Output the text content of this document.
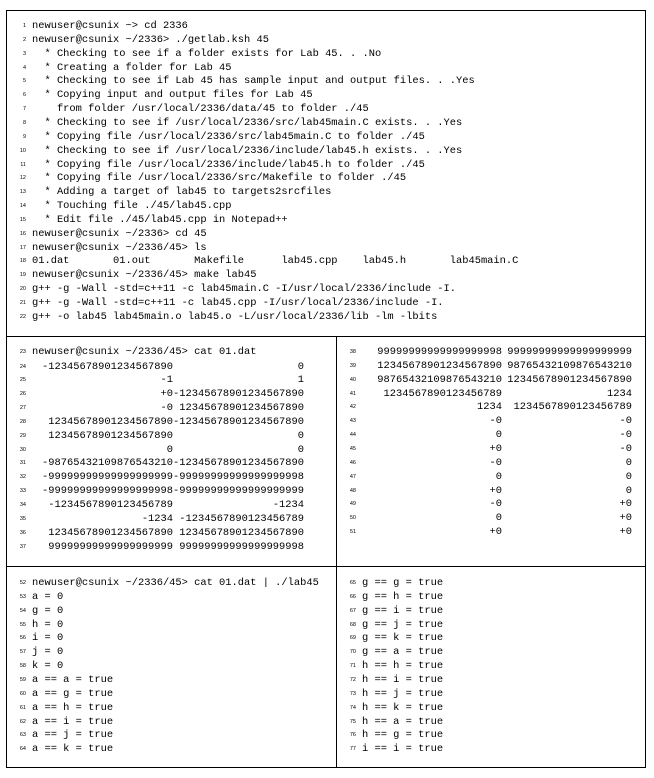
1 newuser@csunix ~> cd 2336
2 newuser@csunix ~/2336> ./getlab.ksh 45
3 * Checking to see if a folder exists for Lab 45. . .No
4 * Creating a folder for Lab 45
5 * Checking to see if Lab 45 has sample input and output files. . .Yes
6 * Copying input and output files for Lab 45
7 from folder /usr/local/2336/data/45 to folder ./45
8 * Checking to see if /usr/local/2336/src/lab45main.C exists. . .Yes
9 * Copying file /usr/local/2336/src/lab45main.C to folder ./45
10 * Checking to see if /usr/local/2336/include/lab45.h exists. . .Yes
11 * Copying file /usr/local/2336/include/lab45.h to folder ./45
12 * Copying file /usr/local/2336/src/Makefile to folder ./45
13 * Adding a target of lab45 to targets2srcfiles
14 * Touching file ./45/lab45.cpp
15 * Edit file ./45/lab45.cpp in Notepad++
16 newuser@csunix ~/2336> cd 45
17 newuser@csunix ~/2336/45> ls
18 01.dat       01.out       Makefile      lab45.cpp    lab45.h       lab45main.C
19 newuser@csunix ~/2336/45> make lab45
20 g++ -g -Wall -std=c++11 -c lab45main.C -I/usr/local/2336/include -I.
21 g++ -g -Wall -std=c++11 -c lab45.cpp -I/usr/local/2336/include -I.
22 g++ -o lab45 lab45main.o lab45.o -L/usr/local/2336/lib -lm -lbits
23 newuser@csunix ~/2336/45> cat 01.dat
24	-12345678901234567890	0
25	-1	1
26	+0 -12345678901234567890
27	-0 12345678901234567890
28	12345678901234567890 -12345678901234567890
29	12345678901234567890	0
30	0	0
31	-98765432109876543210 -12345678901234567890
32	-99999999999999999999 -99999999999999999998
33	-99999999999999999998 -99999999999999999999
34	-1234567890123456789	-1234
35	-1234 -1234567890123456789
36	12345678901234567890 12345678901234567890
37	99999999999999999999 99999999999999999998
38	99999999999999999998 99999999999999999999
39	12345678901234567890 98765432109876543210
40	98765432109876543210 12345678901234567890
41	1234567890123456789	1234
42	1234	1234567890123456789
43	-0	-0
44	0	-0
45	+0	-0
46	-0	0
47	0	0
48	+0	0
49	-0	+0
50	0	+0
51	+0	+0
52 newuser@csunix ~/2336/45> cat 01.dat | ./lab45
53 a = 0
54 g = 0
55 h = 0
56 i = 0
57 j = 0
58 k = 0
59 a == a = true
60 a == g = true
61 a == h = true
62 a == i = true
63 a == j = true
64 a == k = true
65 g == g = true
66 g == h = true
67 g == i = true
68 g == j = true
69 g == k = true
70 g == a = true
71 h == h = true
72 h == i = true
73 h == j = true
74 h == k = true
75 h == a = true
76 h == g = true
77 i == i = true
